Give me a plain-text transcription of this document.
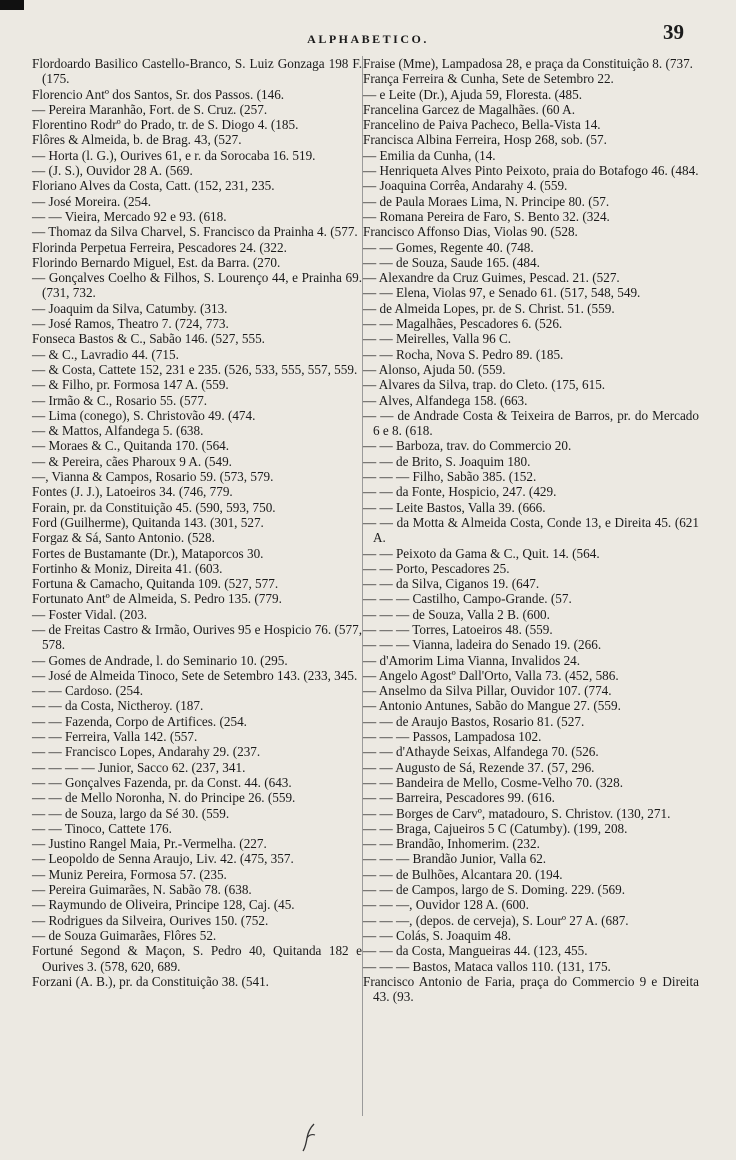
ALPHABETICO.	39
Flordoardo Basilico Castello-Branco, S. Luiz Gonzaga 198 F. (175.
Florencio Antº dos Santos, Sr. dos Passos. (146.
— Pereira Maranhão, Fort. de S. Cruz. (257.
Florentino Rodrº do Prado, tr. de S. Diogo 4. (185.
Flôres & Almeida, b. de Brag. 43, (527.
— Horta (l. G.), Ourives 61, e r. da Sorocaba 16. 519.
— (J. S.), Ouvidor 28 A. (569.
Floriano Alves da Costa, Catt. (152, 231, 235.
— José Moreira. (254.
— — Vieira, Mercado 92 e 93. (618.
— Thomaz da Silva Charvel, S. Francisco da Prainha 4. (577.
Florinda Perpetua Ferreira, Pescadores 24. (322.
Florindo Bernardo Miguel, Est. da Barra. (270.
— Gonçalves Coelho & Filhos, S. Lourenço 44, e Prainha 69. (731, 732.
— Joaquim da Silva, Catumby. (313.
— José Ramos, Theatro 7. (724, 773.
Fonseca Bastos & C., Sabão 146. (527, 555.
— & C., Lavradio 44. (715.
— & Costa, Cattete 152, 231 e 235. (526, 533, 555, 557, 559.
— & Filho, pr. Formosa 147 A. (559.
— Irmão & C., Rosario 55. (577.
— Lima (conego), S. Christovão 49. (474.
— & Mattos, Alfandega 5. (638.
— Moraes & C., Quitanda 170. (564.
— & Pereira, cães Pharoux 9 A. (549.
—, Vianna & Campos, Rosario 59. (573, 579.
Fontes (J. J.), Latoeiros 34. (746, 779.
Forain, pr. da Constituição 45. (590, 593, 750.
Ford (Guilherme), Quitanda 143. (301, 527.
Forgaz & Sá, Santo Antonio. (528.
Fortes de Bustamante (Dr.), Mataporcos 30.
Fortinho & Moniz, Direita 41. (603.
Fortuna & Camacho, Quitanda 109. (527, 577.
Fortunato Antº de Almeida, S. Pedro 135. (779.
— Foster Vidal. (203.
— de Freitas Castro & Irmão, Ourives 95 e Hospicio 76. (577, 578.
— Gomes de Andrade, l. do Seminario 10. (295.
— José de Almeida Tinoco, Sete de Setembro 143. (233, 345.
— — Cardoso. (254.
— — da Costa, Nictheroy. (187.
— — Fazenda, Corpo de Artifices. (254.
— — Ferreira, Valla 142. (557.
— — Francisco Lopes, Andarahy 29. (237.
— — — — Junior, Sacco 62. (237, 341.
— — Gonçalves Fazenda, pr. da Const. 44. (643.
— — de Mello Noronha, N. do Principe 26. (559.
— — de Souza, largo da Sé 30. (559.
— — Tinoco, Cattete 176.
— Justino Rangel Maia, Pr.-Vermelha. (227.
— Leopoldo de Senna Araujo, Liv. 42. (475, 357.
— Muniz Pereira, Formosa 57. (235.
— Pereira Guimarães, N. Sabão 78. (638.
— Raymundo de Oliveira, Principe 128, Caj. (45.
— Rodrigues da Silveira, Ourives 150. (752.
— de Souza Guimarães, Flôres 52.
Fortuné Segond & Maçon, S. Pedro 40, Quitanda 182 e Ourives 3. (578, 620, 689.
Forzani (A. B.), pr. da Constituição 38. (541.
Fraise (Mme), Lampadosa 28, e praça da Constituição 8. (737.
França Ferreira & Cunha, Sete de Setembro 22.
— e Leite (Dr.), Ajuda 59, Floresta. (485.
Francelina Garcez de Magalhães. (60 A.
Francelino de Paiva Pacheco, Bella-Vista 14.
Francisca Albina Ferreira, Hosp 268, sob. (57.
— Emilia da Cunha, (14.
— Henriqueta Alves Pinto Peixoto, praia do Botafogo 46. (484.
— Joaquina Corrêa, Andarahy 4. (559.
— de Paula Moraes Lima, N. Principe 80. (57.
— Romana Pereira de Faro, S. Bento 32. (324.
Francisco Affonso Dias, Violas 90. (528.
— — Gomes, Regente 40. (748.
— — de Souza, Saude 165. (484.
— Alexandre da Cruz Guimes, Pescad. 21. (527.
— — Elena, Violas 97, e Senado 61. (517, 548, 549.
— de Almeida Lopes, pr. de S. Christ. 51. (559.
— — Magalhães, Pescadores 6. (526.
— — Meirelles, Valla 96 C.
— — Rocha, Nova S. Pedro 89. (185.
— Alonso, Ajuda 50. (559.
— Alvares da Silva, trap. do Cleto. (175, 615.
— Alves, Alfandega 158. (663.
— — de Andrade Costa & Teixeira de Barros, pr. do Mercado 6 e 8. (618.
— — Barboza, trav. do Commercio 20.
— — de Brito, S. Joaquim 180.
— — — Filho, Sabão 385. (152.
— — da Fonte, Hospicio, 247. (429.
— — Leite Bastos, Valla 39. (666.
— — da Motta & Almeida Costa, Conde 13, e Direita 45. (621 A.
— — Peixoto da Gama & C., Quit. 14. (564.
— — Porto, Pescadores 25.
— — da Silva, Ciganos 19. (647.
— — — Castilho, Campo-Grande. (57.
— — — de Souza, Valla 2 B. (600.
— — — Torres, Latoeiros 48. (559.
— — — Vianna, ladeira do Senado 19. (266.
— d'Amorim Lima Vianna, Invalidos 24.
— Angelo Agostº Dall'Orto, Valla 73. (452, 586.
— Anselmo da Silva Pillar, Ouvidor 107. (774.
— Antonio Antunes, Sabão do Mangue 27. (559.
— — de Araujo Bastos, Rosario 81. (527.
— — — Passos, Lampadosa 102.
— — d'Athayde Seixas, Alfandega 70. (526.
— — Augusto de Sá, Rezende 37. (57, 296.
— — Bandeira de Mello, Cosme-Velho 70. (328.
— — Barreira, Pescadores 99. (616.
— — Borges de Carvº, matadouro, S. Christov. (130, 271.
— — Braga, Cajueiros 5 C (Catumby). (199, 208.
— — Brandão, Inhomerim. (232.
— — — Brandão Junior, Valla 62.
— — de Bulhões, Alcantara 20. (194.
— — de Campos, largo de S. Doming. 229. (569.
— — —, Ouvidor 128 A. (600.
— — —, (depos. de cerveja), S. Lourº 27 A. (687.
— — Colás, S. Joaquim 48.
— — da Costa, Mangueiras 44. (123, 455.
— — — Bastos, Mataca vallos 110. (131, 175.
Francisco Antonio de Faria, praça do Commercio 9 e Direita 43. (93.
